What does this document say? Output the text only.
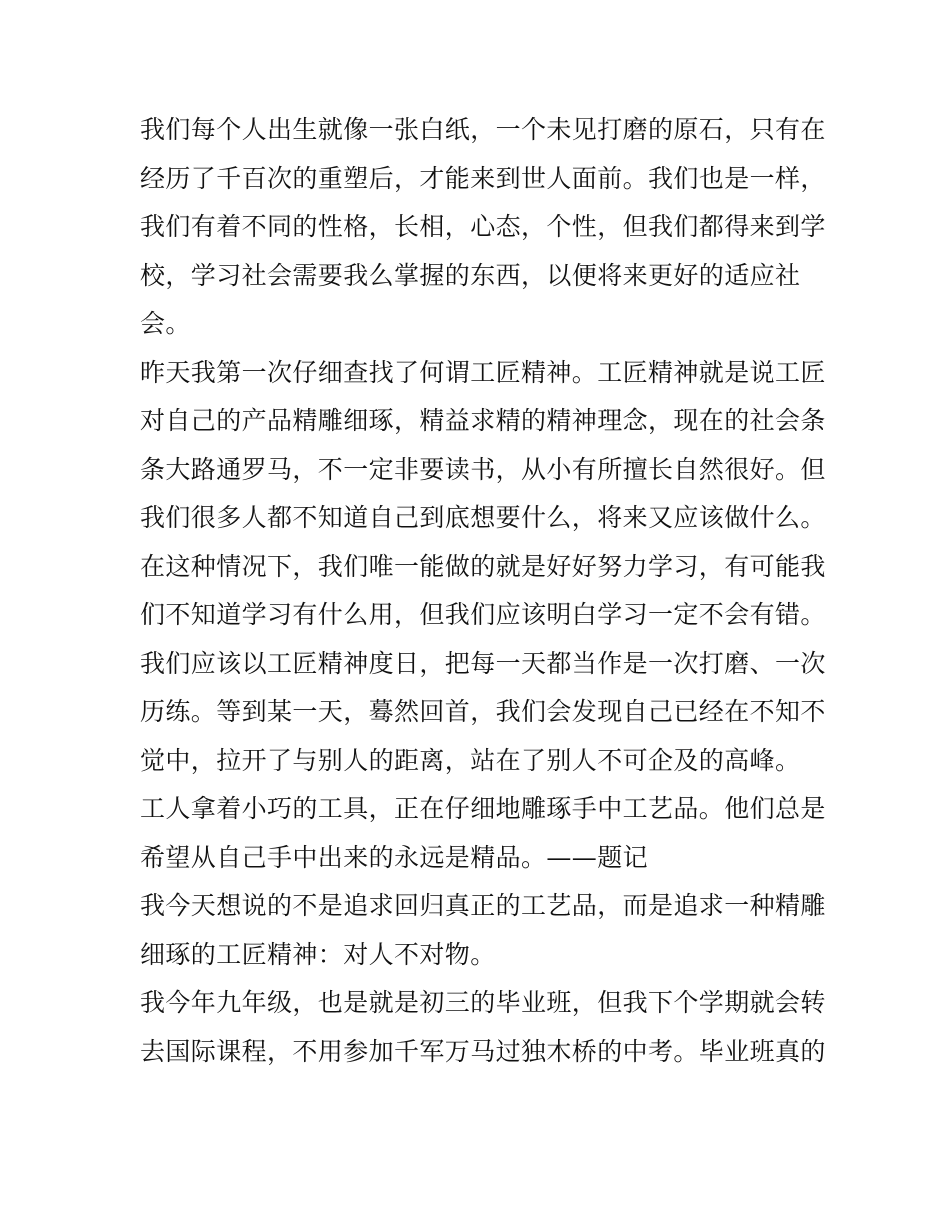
我们每个人出生就像一张白纸，一个未见打磨的原石，只有在
经历了千百次的重塑后，才能来到世人面前。我们也是一样，
我们有着不同的性格，长相，心态，个性，但我们都得来到学
校，学习社会需要我么掌握的东西，以便将来更好的适应社
会。
昨天我第一次仔细查找了何谓工匠精神。工匠精神就是说工匠
对自己的产品精雕细琢，精益求精的精神理念，现在的社会条
条大路通罗马，不一定非要读书，从小有所擅长自然很好。但
我们很多人都不知道自己到底想要什么，将来又应该做什么。
在这种情况下，我们唯一能做的就是好好努力学习，有可能我
们不知道学习有什么用，但我们应该明白学习一定不会有错。
我们应该以工匠精神度日，把每一天都当作是一次打磨、一次
历练。等到某一天，蓦然回首，我们会发现自己已经在不知不
觉中，拉开了与别人的距离，站在了别人不可企及的高峰。
工人拿着小巧的工具，正在仔细地雕琢手中工艺品。他们总是
希望从自己手中出来的永远是精品。——题记
我今天想说的不是追求回归真正的工艺品，而是追求一种精雕
细琢的工匠精神：对人不对物。
我今年九年级，也是就是初三的毕业班，但我下个学期就会转
去国际课程，不用参加千军万马过独木桥的中考。毕业班真的
